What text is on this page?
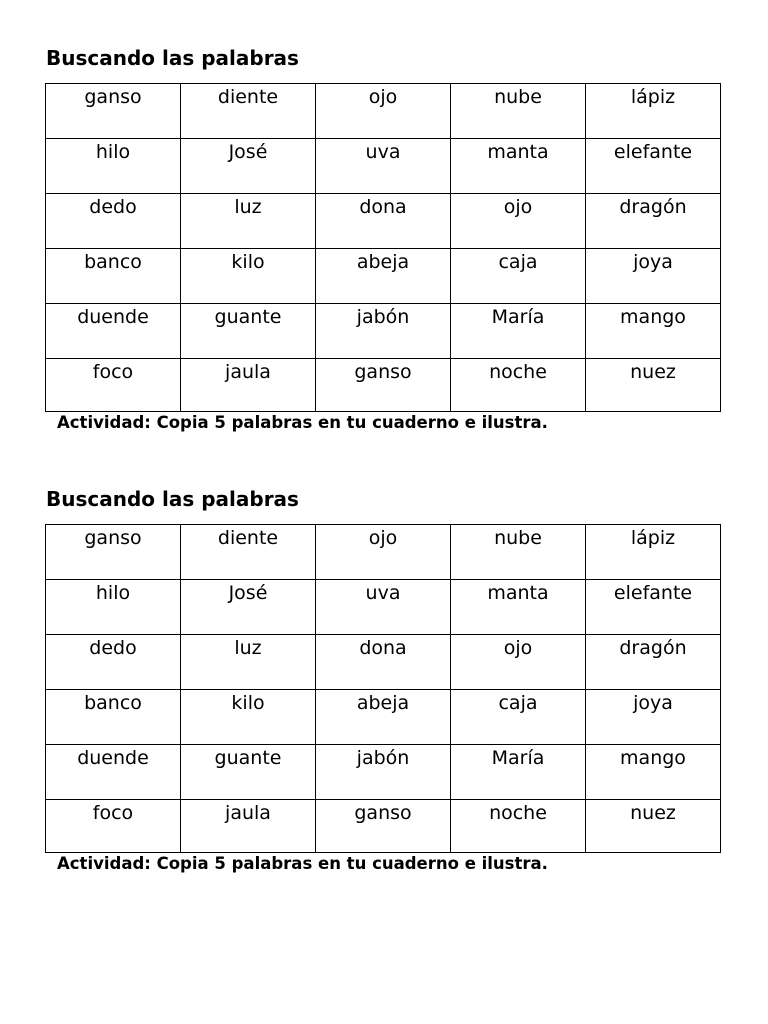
Buscando las palabras
ganso	diente	ojo	nube	lápiz
hilo	José	uva	manta	elefante
dedo	luz	dona	ojo	dragón
banco	kilo	abeja	caja	joya
duende	guante	jabón	María	mango
foco	jaula	ganso	noche	nuez
Actividad: Copia 5 palabras en tu cuaderno e ilustra.
Buscando las palabras
ganso	diente	ojo	nube	lápiz
hilo	José	uva	manta	elefante
dedo	luz	dona	ojo	dragón
banco	kilo	abeja	caja	joya
duende	guante	jabón	María	mango
foco	jaula	ganso	noche	nuez
Actividad: Copia 5 palabras en tu cuaderno e ilustra.
